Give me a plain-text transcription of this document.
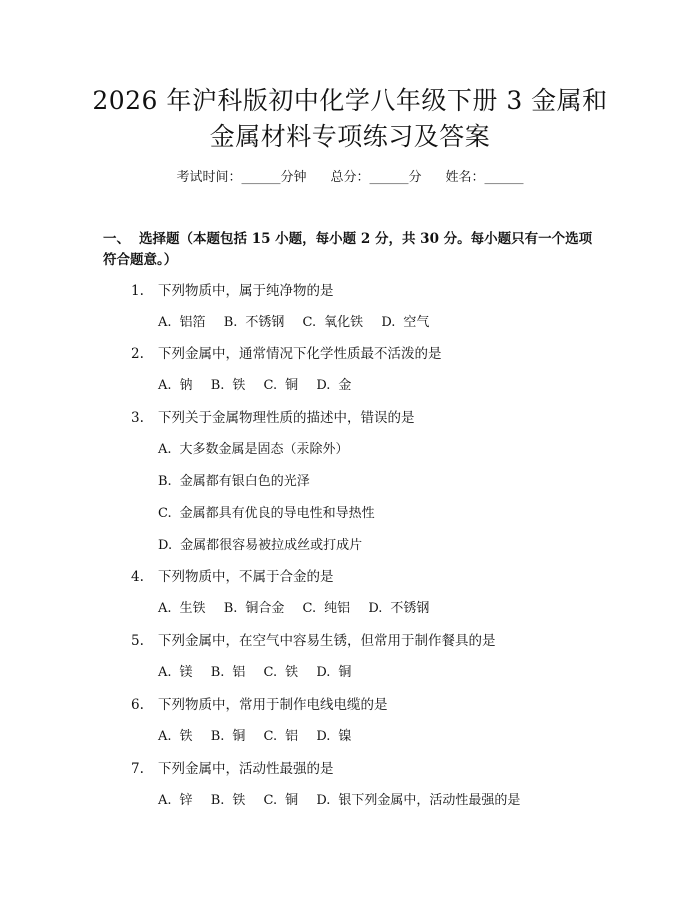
2026 年沪科版初中化学八年级下册 3 金属和
金属材料专项练习及答案
考试时间：______分钟 总分：______分 姓名：______
一、 选择题（本题包括 15 小题，每小题 2 分，共 30 分。每小题只有一个选项符合题意。）
1. 下列物质中，属于纯净物的是
A. 铝箔 B. 不锈钢 C. 氧化铁 D. 空气
2. 下列金属中，通常情况下化学性质最不活泼的是
A. 钠 B. 铁 C. 铜 D. 金
3. 下列关于金属物理性质的描述中，错误的是
A. 大多数金属是固态（汞除外）
B. 金属都有银白色的光泽
C. 金属都具有优良的导电性和导热性
D. 金属都很容易被拉成丝或打成片
4. 下列物质中，不属于合金的是
A. 生铁 B. 铜合金 C. 纯铝 D. 不锈钢
5. 下列金属中，在空气中容易生锈，但常用于制作餐具的是
A. 镁 B. 铝 C. 铁 D. 铜
6. 下列物质中，常用于制作电线电缆的是
A. 铁 B. 铜 C. 铝 D. 镍
7. 下列金属中，活动性最强的是
A. 锌 B. 铁 C. 铜 D. 银下列金属中，活动性最强的是
